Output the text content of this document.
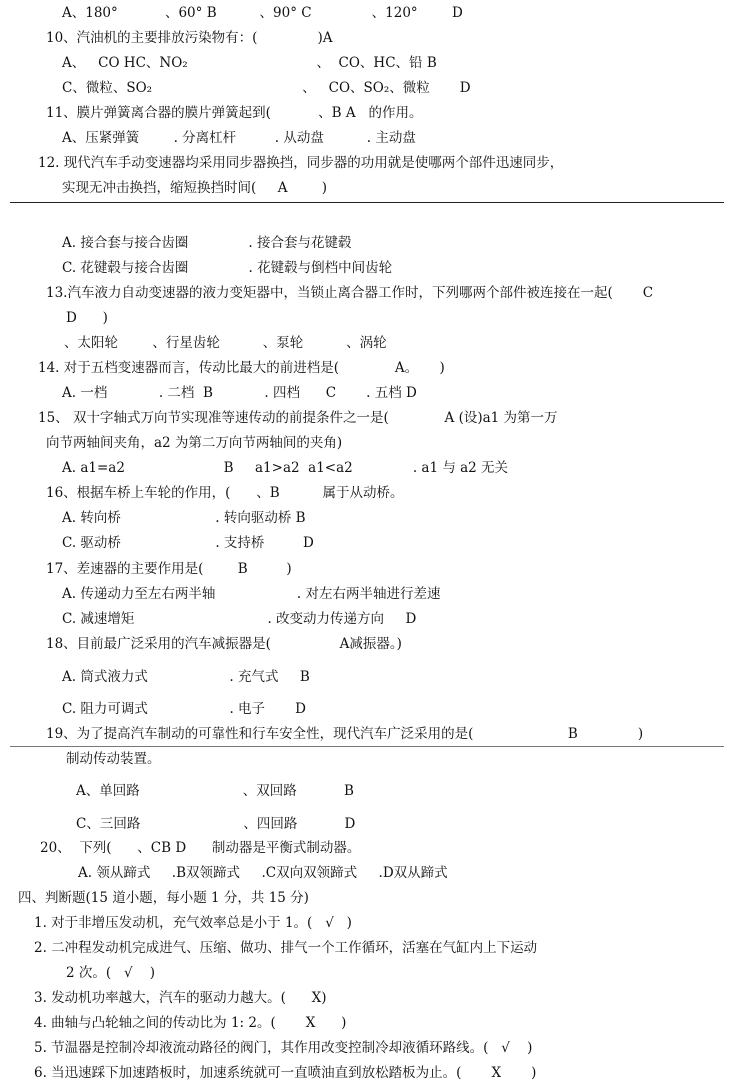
A、180°           、60° B          、90° C              、120°        D
10、汽油机的主要排放污染物有：(              )A
A、   CO HC、NO₂                              、  CO、HC、铅 B
C、微粒、SO₂                                   、   CO、SO₂、微粒       D
11、膜片弹簧离合器的膜片弹簧起到(           、B A   的作用。
A、压紧弹簧        . 分离杠杆         . 从动盘          . 主动盘
12. 现代汽车手动变速器均采用同步器换挡，同步器的功用就是使哪两个部件迅速同步，
实现无冲击换挡，缩短换挡时间(     A        )
A. 接合套与接合齿圈              . 接合套与花键毂
C. 花键毂与接合齿圈              . 花键毂与倒档中间齿轮
13.汽车液力自动变速器的液力变矩器中，当锁止离合器工作时，下列哪两个部件被连接在一起(       C
D      )
、太阳轮        、行星齿轮          、泵轮          、涡轮
14. 对于五档变速器而言，传动比最大的前进档是(             A。     )
A. 一档            . 二档  B            . 四档      C       . 五档 D
15、 双十字轴式万向节实现准等速传动的前提条件之一是(             A (设)a1 为第一万
向节两轴间夹角，a2 为第二万向节两轴间的夹角)
A. a1=a2                       B     a1>a2  a1<a2              . a1 与 a2 无关
16、根据车桥上车轮的作用，(      、B          属于从动桥。
A. 转向桥                      . 转向驱动桥 B
C. 驱动桥                      . 支持桥         D
17、差速器的主要作用是(        B         )
A. 传递动力至左右两半轴                   . 对左右两半轴进行差速
C. 减速增矩                               . 改变动力传递方向     D
18、目前最广泛采用的汽车减振器是(                A减振器。)
A. 筒式液力式                   . 充气式     B
C. 阻力可调式                   . 电子       D
19、为了提高汽车制动的可靠性和行车安全性，现代汽车广泛采用的是(                      B              )
制动传动装置。
A、单回路                        、双回路           B
C、三回路                        、四回路           D
20、  下列(      、CB D      制动器是平衡式制动器。
A. 领从蹄式     .B双领蹄式     .C双向双领蹄式     .D双从蹄式
四、判断题(15 道小题，每小题 1 分，共 15 分)
1. 对于非增压发动机，充气效率总是小于 1。(   √   )
2. 二冲程发动机完成进气、压缩、做功、排气一个工作循环，活塞在气缸内上下运动
2 次。(   √    )
3. 发动机功率越大，汽车的驱动力越大。(      X)
4. 曲轴与凸轮轴之间的传动比为 1: 2。(       X      )
5. 节温器是控制冷却液流动路径的阀门，其作用改变控制冷却液循环路线。(   √    )
6. 当迅速踩下加速踏板时，加速系统就可一直喷油直到放松踏板为止。(       X       )
